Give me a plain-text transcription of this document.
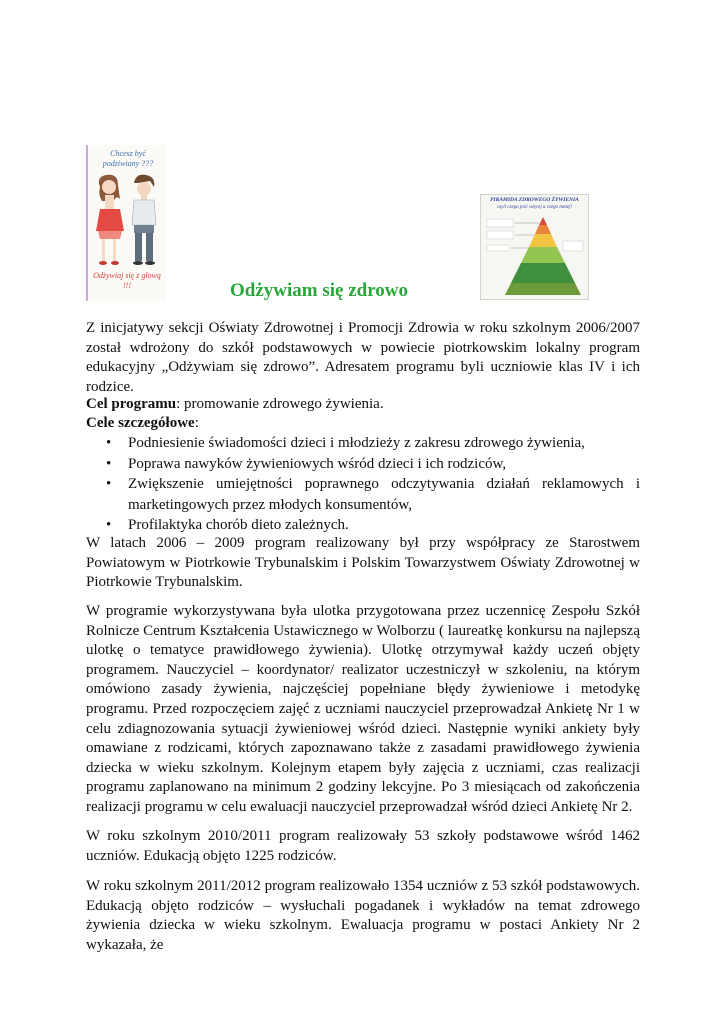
Chcesz być podziwiany ???
Odżywiaj się z głową !!!
PIRAMIDA ZDROWEGO ŻYWIENIA
czyli czego jeść więcej a czego mniej!
Odżywiam się zdrowo

Z inicjatywy sekcji Oświaty Zdrowotnej i Promocji Zdrowia w roku szkolnym 2006/2007 został wdrożony do szkół podstawowych w powiecie piotrkowskim lokalny program edukacyjny „Odżywiam się zdrowo”. Adresatem programu byli uczniowie klas IV i ich rodzice.

Cel programu: promowanie zdrowego żywienia.
Cele szczegółowe:
• Podniesienie świadomości dzieci i młodzieży z zakresu zdrowego żywienia,
• Poprawa nawyków żywieniowych wśród dzieci i ich rodziców,
• Zwiększenie umiejętności poprawnego odczytywania działań reklamowych i marketingowych przez młodych konsumentów,
• Profilaktyka chorób dieto zależnych.

W latach 2006 – 2009 program realizowany był przy współpracy ze Starostwem Powiatowym w Piotrkowie Trybunalskim i Polskim Towarzystwem Oświaty Zdrowotnej w Piotrkowie Trybunalskim.

W programie wykorzystywana była ulotka przygotowana przez uczennicę Zespołu Szkół Rolnicze Centrum Kształcenia Ustawicznego w Wolborzu ( laureatkę konkursu na najlepszą ulotkę o tematyce prawidłowego żywienia). Ulotkę otrzymywał każdy uczeń objęty programem. Nauczyciel – koordynator/ realizator uczestniczył w szkoleniu, na którym omówiono zasady żywienia, najczęściej popełniane błędy żywieniowe i metodykę programu. Przed rozpoczęciem zajęć z uczniami nauczyciel przeprowadzał Ankietę Nr 1 w celu zdiagnozowania sytuacji żywieniowej wśród dzieci. Następnie wyniki ankiety były omawiane z rodzicami, których zapoznawano także z zasadami prawidłowego żywienia dziecka w wieku szkolnym. Kolejnym etapem były zajęcia z uczniami, czas realizacji programu zaplanowano na minimum 2 godziny lekcyjne. Po 3 miesiącach od zakończenia realizacji programu w celu ewaluacji nauczyciel przeprowadzał wśród dzieci Ankietę Nr 2.

W roku szkolnym 2010/2011 program realizowały 53 szkoły podstawowe wśród 1462 uczniów. Edukacją objęto 1225 rodziców.

W roku szkolnym 2011/2012 program realizowało 1354 uczniów z 53 szkół podstawowych. Edukacją objęto rodziców – wysłuchali pogadanek i wykładów na temat zdrowego żywienia dziecka w wieku szkolnym. Ewaluacja programu w postaci Ankiety Nr 2 wykazała, że
